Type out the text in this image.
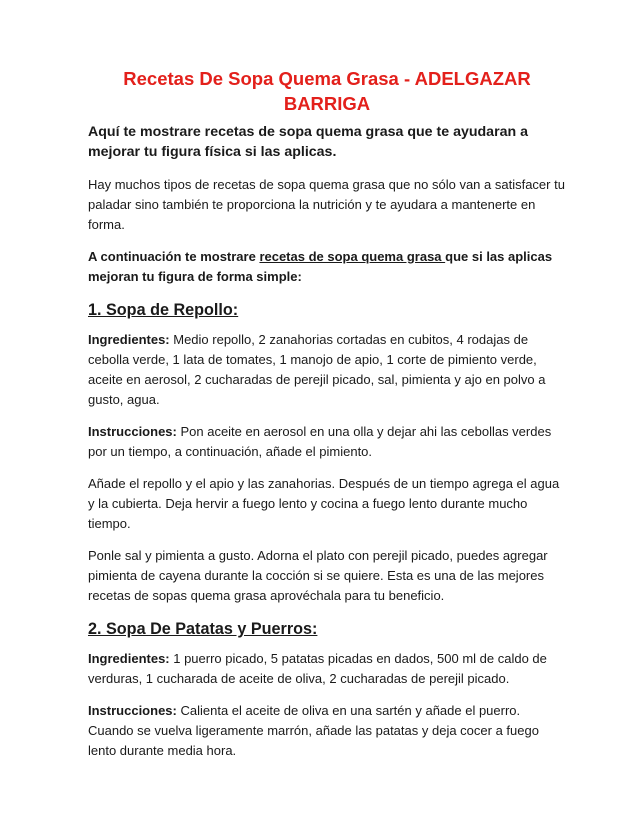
Recetas De Sopa Quema Grasa - ADELGAZAR
BARRIGA
Aquí te mostrare recetas de sopa quema grasa que te ayudaran a mejorar tu figura física si las aplicas.

Hay muchos tipos de recetas de sopa quema grasa que no sólo van a satisfacer tu paladar sino también te proporciona la nutrición y te ayudara a mantenerte en forma.

A continuación te mostrare recetas de sopa quema grasa que si las aplicas mejoran tu figura de forma simple:

1. Sopa de Repollo:

Ingredientes: Medio repollo, 2 zanahorias cortadas en cubitos, 4 rodajas de cebolla verde, 1 lata de tomates, 1 manojo de apio, 1 corte de pimiento verde, aceite en aerosol, 2 cucharadas de perejil picado, sal, pimienta y ajo en polvo a gusto, agua.

Instrucciones: Pon aceite en aerosol en una olla y dejar ahi las cebollas verdes por un tiempo, a continuación, añade el pimiento.

Añade el repollo y el apio y las zanahorias. Después de un tiempo agrega el agua y la cubierta. Deja hervir a fuego lento y cocina a fuego lento durante mucho tiempo.

Ponle sal y pimienta a gusto. Adorna el plato con perejil picado, puedes agregar pimienta de cayena durante la cocción si se quiere. Esta es una de las mejores recetas de sopas quema grasa aprovéchala para tu beneficio.

2. Sopa De Patatas y Puerros:

Ingredientes: 1 puerro picado, 5 patatas picadas en dados, 500 ml de caldo de verduras, 1 cucharada de aceite de oliva, 2 cucharadas de perejil picado.

Instrucciones: Calienta el aceite de oliva en una sartén y añade el puerro. Cuando se vuelva ligeramente marrón, añade las patatas y deja cocer a fuego lento durante media hora.
